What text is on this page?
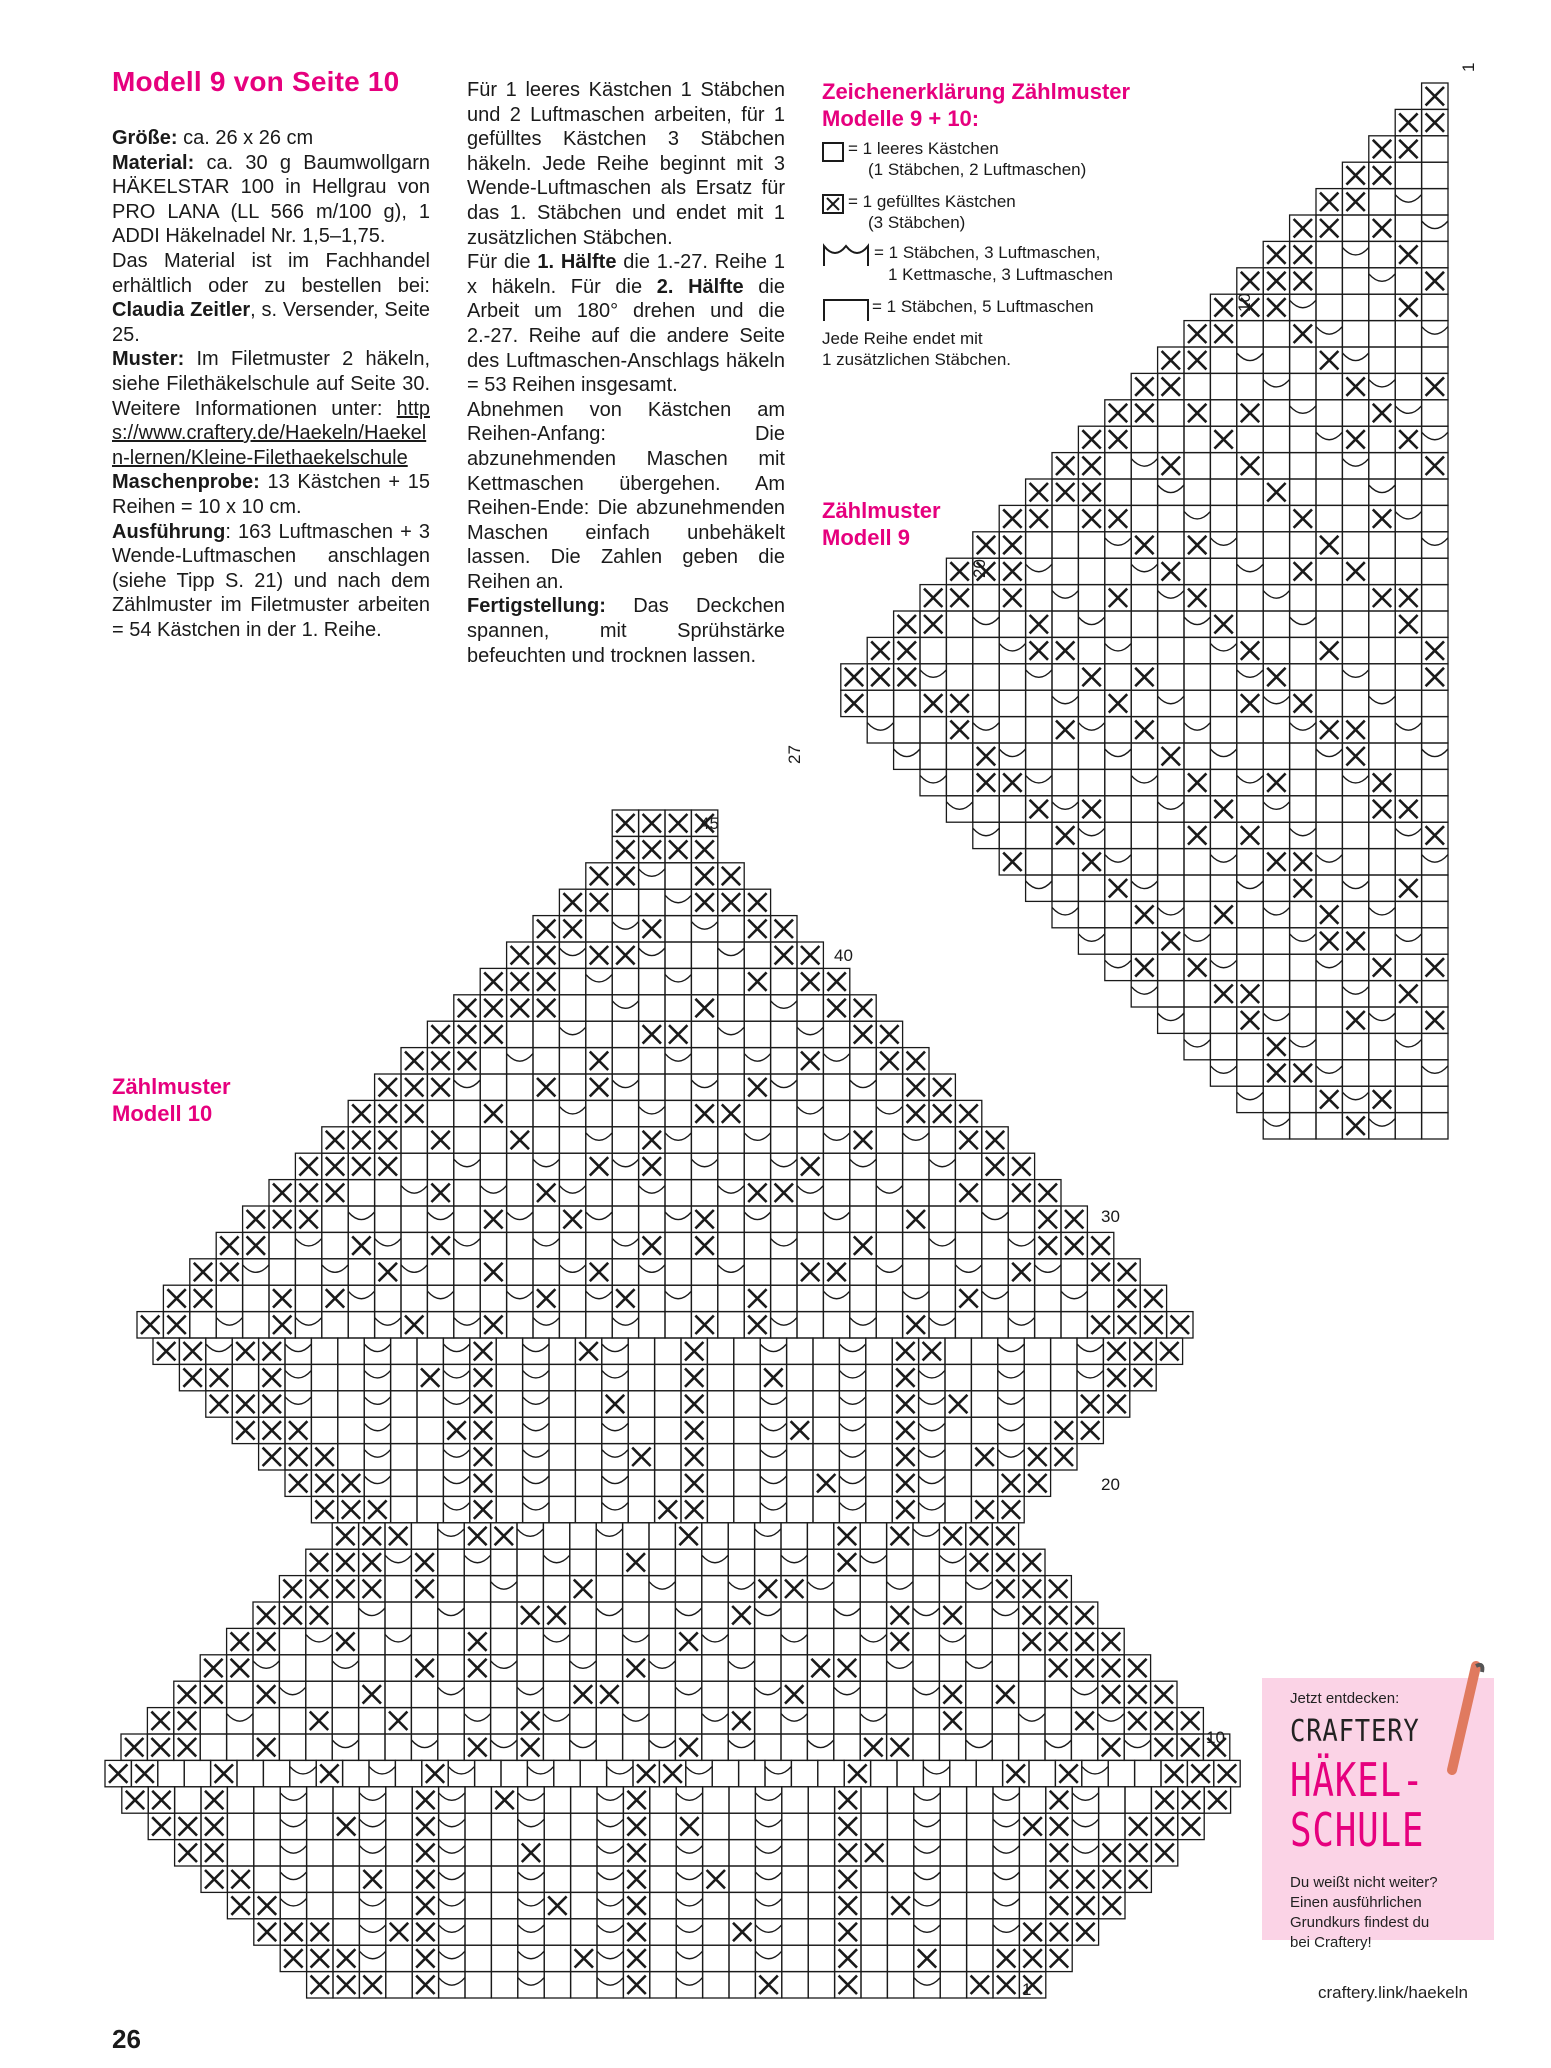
Modell 9 von Seite 10

Größe: ca. 26 x 26 cm

Material: ca. 30 g Baumwollgarn HÄKELSTAR 100 in Hellgrau von PRO LANA (LL 566 m/100 g), 1 ADDI Häkelnadel Nr. 1,5–1,75.

Das Material ist im Fachhandel erhältlich oder zu bestellen bei: Claudia Zeitler, s. Versender, Seite 25.

Muster: Im Filetmuster 2 häkeln, siehe Filethäkelschule auf Seite 30. Weitere Informationen unter: https://www.craftery.de/Haekeln/Haekeln-lernen/Kleine-Filethaekelschule

Maschenprobe: 13 Kästchen + 15 Reihen = 10 x 10 cm.

Ausführung: 163 Luftmaschen + 3 Wende-Luftmaschen anschlagen (siehe Tipp S. 21) und nach dem Zählmuster im Filetmuster arbeiten = 54 Kästchen in der 1. Reihe.

Für 1 leeres Kästchen 1 Stäbchen und 2 Luftmaschen arbeiten, für 1 gefülltes Kästchen 3 Stäbchen häkeln. Jede Reihe beginnt mit 3 Wende-Luftmaschen als Ersatz für das 1. Stäbchen und endet mit 1 zusätzlichen Stäbchen.

Für die 1. Hälfte die 1.-27. Reihe 1 x häkeln. Für die 2. Hälfte die Arbeit um 180° drehen und die 2.-27. Reihe auf die andere Seite des Luftmaschen-Anschlags häkeln = 53 Reihen insgesamt.

Abnehmen von Kästchen am Reihen-Anfang: Die abzunehmenden Maschen mit Kettmaschen übergehen. Am Reihen-Ende: Die abzunehmenden Maschen einfach unbehäkelt lassen. Die Zahlen geben die Reihen an.

Fertigstellung: Das Deckchen spannen, mit Sprühstärke befeuchten und trocknen lassen.

Zeichenerklärung Zählmuster
Modelle 9 + 10:
= 1 leeres Kästchen
(1 Stäbchen, 2 Luftmaschen)
= 1 gefülltes Kästchen
(3 Stäbchen)
= 1 Stäbchen, 3 Luftmaschen,
1 Kettmasche, 3 Luftmaschen
= 1 Stäbchen, 5 Luftmaschen
Jede Reihe endet mit
1 zusätzlichen Stäbchen.
Zählmuster
Modell 9
Zählmuster
Modell 10
1
10
20
27
1
10
20
30
40
45
26
Jetzt entdecken:
CRAFTERY
HÄKEL-
SCHULE
Du weißt nicht weiter?
Einen ausführlichen
Grundkurs findest du
bei Craftery!
craftery.link/haekeln
